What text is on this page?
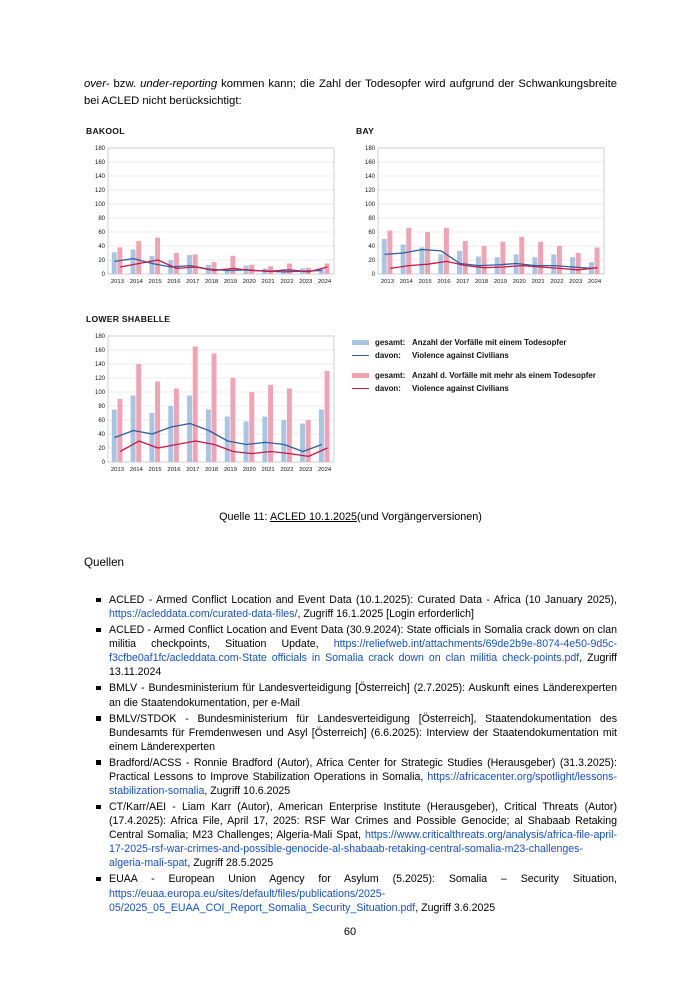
over- bzw. under-reporting kommen kann; die Zahl der Todesopfer wird aufgrund der Schwankungsbreite bei ACLED nicht berücksichtigt:

BAKOOL
0
20
40
60
80
100
120
140
160
180
2013 2014 2015 2016 2017 2018 2019 2020 2021 2022 2023 2024
BAY
0
20
40
60
80
100
120
140
160
180
2013 2014 2015 2016 2017 2018 2019 2020 2021 2022 2023 2024
LOWER SHABELLE
0
20
40
60
80
100
120
140
160
180
2013 2014 2015 2016 2017 2018 2019 2020 2021 2022 2023 2024
gesamt: Anzahl der Vorfälle mit einem Todesopfer
davon:	Violence against Civilians
gesamt: Anzahl d. Vorfälle mit mehr als einem Todesopfer
davon:	Violence against Civilians
Quelle 11: ACLED 10.1.2025(und Vorgängerversionen)
Quellen
ACLED - Armed Conflict Location and Event Data (10.1.2025): Curated Data - Africa (10 January 2025), https://acleddata.com/curated-data-files/, Zugriff 16.1.2025 [Login erforderlich]
ACLED - Armed Conflict Location and Event Data (30.9.2024): State officials in Somalia crack down on clan militia checkpoints, Situation Update, https://reliefweb.int/attachments/69de2b9e-8074-4e50-9d5c-f3cfbe0af1fc/acleddata.com-State officials in Somalia crack down on clan militia check-points.pdf, Zugriff 13.11.2024
BMLV - Bundesministerium für Landesverteidigung [Österreich] (2.7.2025): Auskunft eines Länderexperten an die Staatendokumentation, per e-Mail
BMLV/STDOK - Bundesministerium für Landesverteidigung [Österreich], Staatendokumentation des Bundesamts für Fremdenwesen und Asyl [Österreich] (6.6.2025): Interview der Staatendokumentation mit einem Länderexperten
Bradford/ACSS - Ronnie Bradford (Autor), Africa Center for Strategic Studies (Herausgeber) (31.3.2025): Practical Lessons to Improve Stabilization Operations in Somalia, https://africacenter.org/spotlight/lessons-stabilization-somalia, Zugriff 10.6.2025
CT/Karr/AEI - Liam Karr (Autor), American Enterprise Institute (Herausgeber), Critical Threats (Autor) (17.4.2025): Africa File, April 17, 2025: RSF War Crimes and Possible Genocide; al Shabaab Retaking Central Somalia; M23 Challenges; Algeria-Mali Spat, https://www.criticalthreats.org/analysis/africa-file-april-17-2025-rsf-war-crimes-and-possible-genocide-al-shabaab-retaking-central-somalia-m23-challenges-algeria-mali-spat, Zugriff 28.5.2025
EUAA - European Union Agency for Asylum (5.2025): Somalia – Security Situation, https://euaa.europa.eu/sites/default/files/publications/2025-05/2025_05_EUAA_COI_Report_Somalia_Security_Situation.pdf, Zugriff 3.6.2025
60
